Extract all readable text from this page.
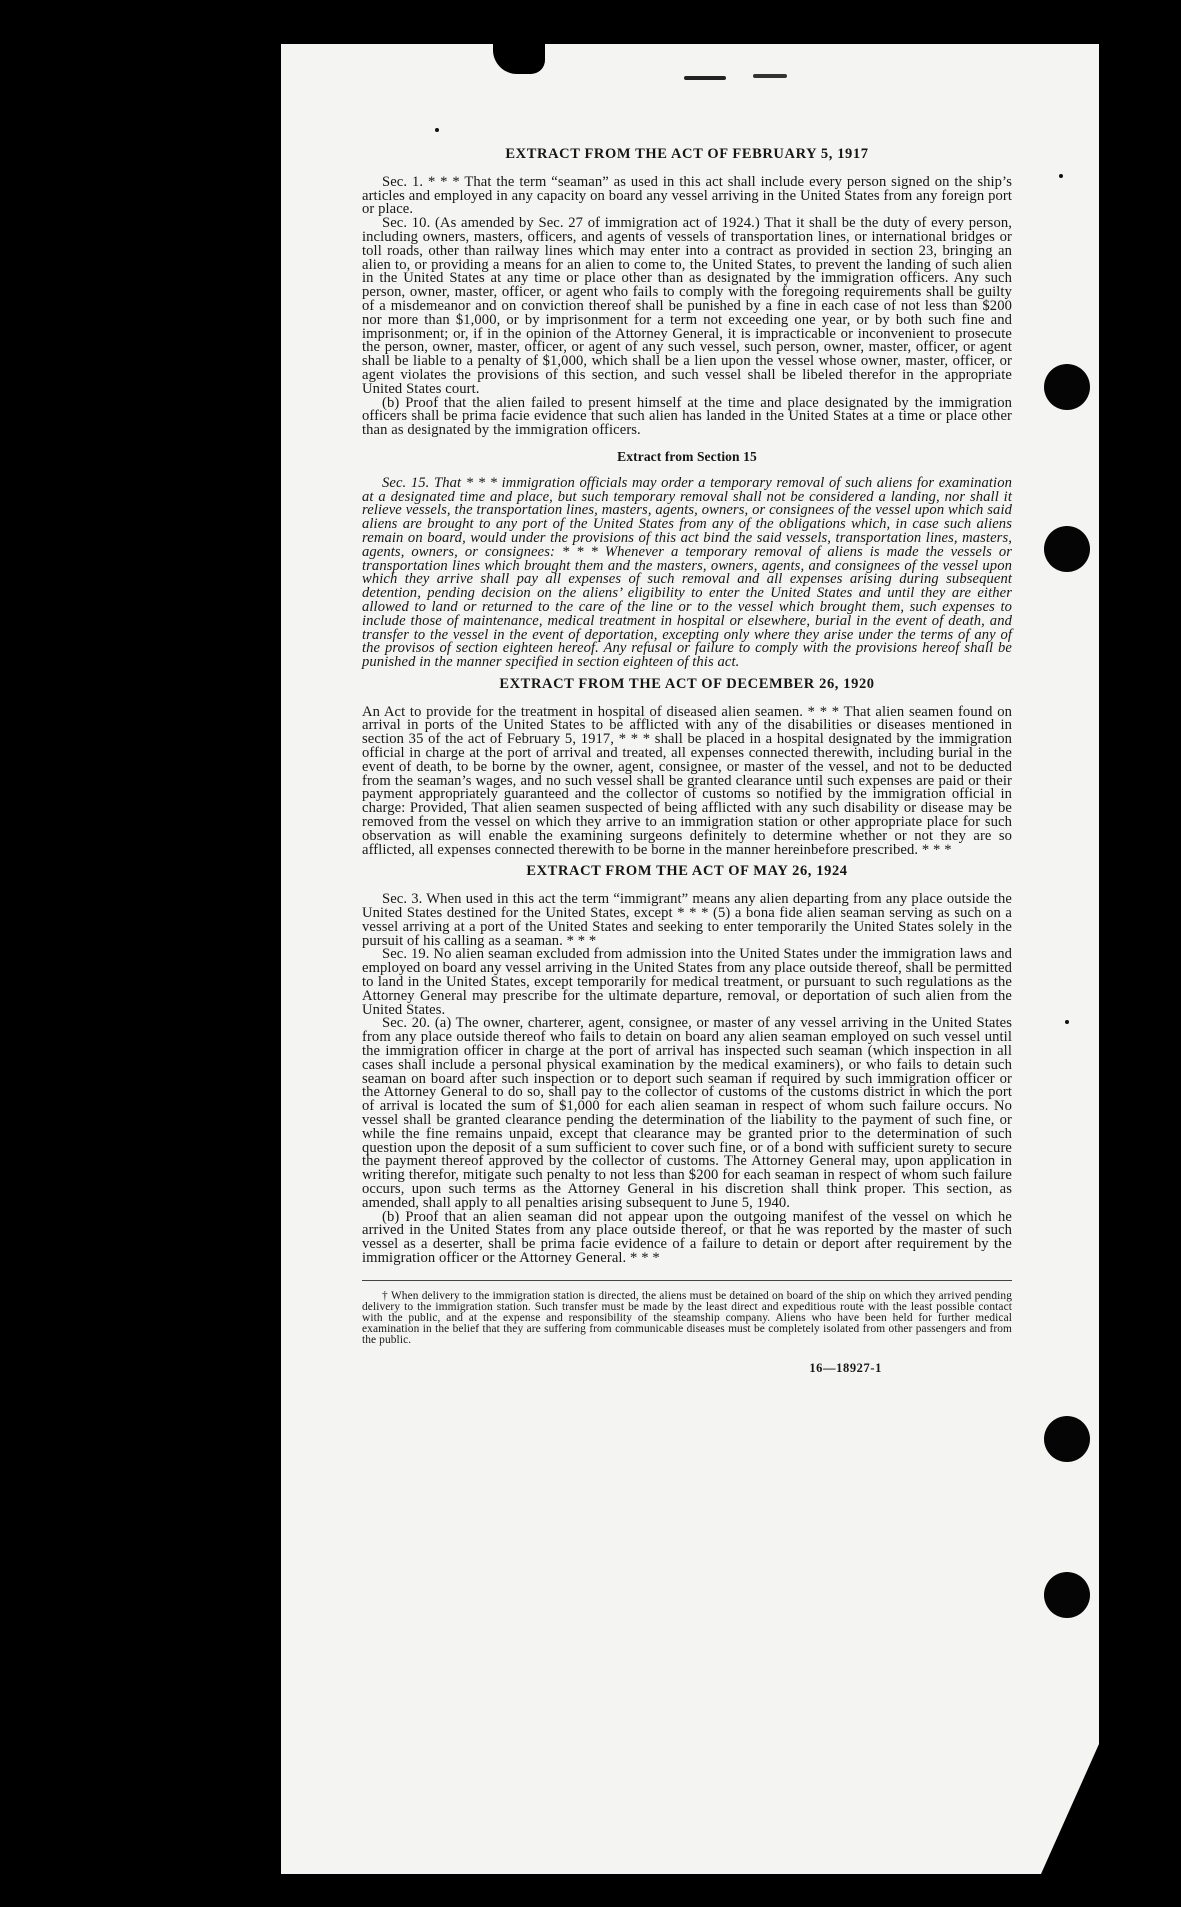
EXTRACT FROM THE ACT OF FEBRUARY 5, 1917

Sec. 1. * * * That the term “seaman” as used in this act shall include every person signed on the ship’s articles and employed in any capacity on board any vessel arriving in the United States from any foreign port or place.

Sec. 10. (As amended by Sec. 27 of immigration act of 1924.) That it shall be the duty of every person, including owners, masters, officers, and agents of vessels of transportation lines, or international bridges or toll roads, other than railway lines which may enter into a contract as provided in section 23, bringing an alien to, or providing a means for an alien to come to, the United States, to prevent the landing of such alien in the United States at any time or place other than as designated by the immigration officers. Any such person, owner, master, officer, or agent who fails to comply with the foregoing requirements shall be guilty of a misdemeanor and on conviction thereof shall be punished by a fine in each case of not less than $200 nor more than $1,000, or by imprisonment for a term not exceeding one year, or by both such fine and imprisonment; or, if in the opinion of the Attorney General, it is impracticable or inconvenient to prosecute the person, owner, master, officer, or agent of any such vessel, such person, owner, master, officer, or agent shall be liable to a penalty of $1,000, which shall be a lien upon the vessel whose owner, master, officer, or agent violates the provisions of this section, and such vessel shall be libeled therefor in the appropriate United States court.

(b) Proof that the alien failed to present himself at the time and place designated by the immigration officers shall be prima facie evidence that such alien has landed in the United States at a time or place other than as designated by the immigration officers.

Extract from Section 15

Sec. 15. That * * * immigration officials may order a temporary removal of such aliens for examination at a designated time and place, but such temporary removal shall not be considered a landing, nor shall it relieve vessels, the transportation lines, masters, agents, owners, or consignees of the vessel upon which said aliens are brought to any port of the United States from any of the obligations which, in case such aliens remain on board, would under the provisions of this act bind the said vessels, transportation lines, masters, agents, owners, or consignees: * * * Whenever a temporary removal of aliens is made the vessels or transportation lines which brought them and the masters, owners, agents, and consignees of the vessel upon which they arrive shall pay all expenses of such removal and all expenses arising during subsequent detention, pending decision on the aliens’ eligibility to enter the United States and until they are either allowed to land or returned to the care of the line or to the vessel which brought them, such expenses to include those of maintenance, medical treatment in hospital or elsewhere, burial in the event of death, and transfer to the vessel in the event of deportation, excepting only where they arise under the terms of any of the provisos of section eighteen hereof. Any refusal or failure to comply with the provisions hereof shall be punished in the manner specified in section eighteen of this act.

EXTRACT FROM THE ACT OF DECEMBER 26, 1920

An Act to provide for the treatment in hospital of diseased alien seamen. * * * That alien seamen found on arrival in ports of the United States to be afflicted with any of the disabilities or diseases mentioned in section 35 of the act of February 5, 1917, * * * shall be placed in a hospital designated by the immigration official in charge at the port of arrival and treated, all expenses connected therewith, including burial in the event of death, to be borne by the owner, agent, consignee, or master of the vessel, and not to be deducted from the seaman’s wages, and no such vessel shall be granted clearance until such expenses are paid or their payment appropriately guaranteed and the collector of customs so notified by the immigration official in charge: Provided, That alien seamen suspected of being afflicted with any such disability or disease may be removed from the vessel on which they arrive to an immigration station or other appropriate place for such observation as will enable the examining surgeons definitely to determine whether or not they are so afflicted, all expenses connected therewith to be borne in the manner hereinbefore prescribed. * * *

EXTRACT FROM THE ACT OF MAY 26, 1924

Sec. 3. When used in this act the term “immigrant” means any alien departing from any place outside the United States destined for the United States, except * * * (5) a bona fide alien seaman serving as such on a vessel arriving at a port of the United States and seeking to enter temporarily the United States solely in the pursuit of his calling as a seaman. * * *

Sec. 19. No alien seaman excluded from admission into the United States under the immigration laws and employed on board any vessel arriving in the United States from any place outside thereof, shall be permitted to land in the United States, except temporarily for medical treatment, or pursuant to such regulations as the Attorney General may prescribe for the ultimate departure, removal, or deportation of such alien from the United States.

Sec. 20. (a) The owner, charterer, agent, consignee, or master of any vessel arriving in the United States from any place outside thereof who fails to detain on board any alien seaman employed on such vessel until the immigration officer in charge at the port of arrival has inspected such seaman (which inspection in all cases shall include a personal physical examination by the medical examiners), or who fails to detain such seaman on board after such inspection or to deport such seaman if required by such immigration officer or the Attorney General to do so, shall pay to the collector of customs of the customs district in which the port of arrival is located the sum of $1,000 for each alien seaman in respect of whom such failure occurs. No vessel shall be granted clearance pending the determination of the liability to the payment of such fine, or while the fine remains unpaid, except that clearance may be granted prior to the determination of such question upon the deposit of a sum sufficient to cover such fine, or of a bond with sufficient surety to secure the payment thereof approved by the collector of customs. The Attorney General may, upon application in writing therefor, mitigate such penalty to not less than $200 for each seaman in respect of whom such failure occurs, upon such terms as the Attorney General in his discretion shall think proper. This section, as amended, shall apply to all penalties arising subsequent to June 5, 1940.

(b) Proof that an alien seaman did not appear upon the outgoing manifest of the vessel on which he arrived in the United States from any place outside thereof, or that he was reported by the master of such vessel as a deserter, shall be prima facie evidence of a failure to detain or deport after requirement by the immigration officer or the Attorney General. * * *

† When delivery to the immigration station is directed, the aliens must be detained on board of the ship on which they arrived pending delivery to the immigration station. Such transfer must be made by the least direct and expeditious route with the least possible contact with the public, and at the expense and responsibility of the steamship company. Aliens who have been held for further medical examination in the belief that they are suffering from communicable diseases must be completely isolated from other passengers and from the public.

16—18927-1
